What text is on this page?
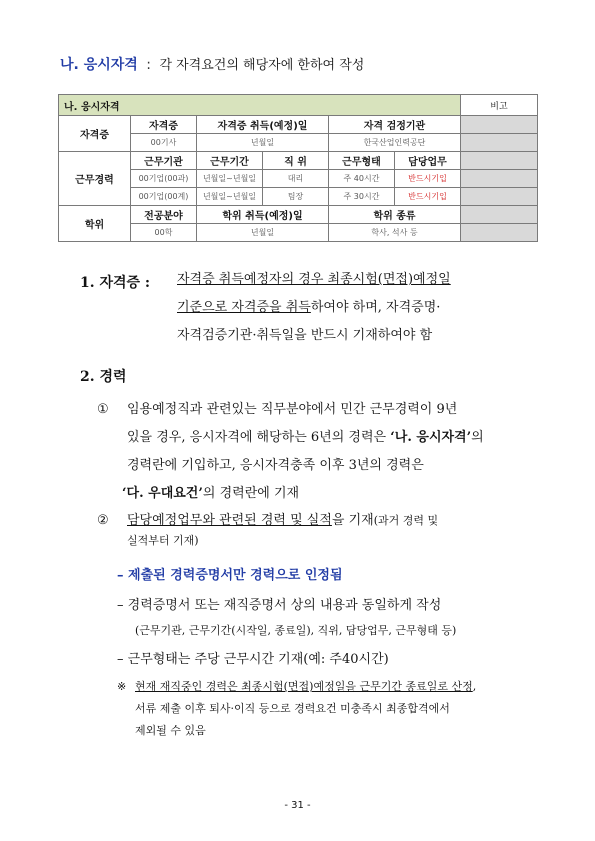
나. 응시자격 : 각 자격요건의 해당자에 한하여 작성
나. 응시자격						비고
자격증	자격증	자격증 취득(예정)일		자격 검정기관		
	00기사	년월일		한국산업인력공단		
근무경력	근무기관	근무기간	직 위	근무형태	담당업무	
	00기업(00과)	년월일~년월일	대리	주 40시간	반드시기입	
	00기업(00계)	년월일~년월일	팀장	주 30시간	반드시기입	
학위	전공분야	학위 취득(예정)일		학위 종류		
	00학	년월일		학사, 석사 등		
1. 자격증 : 자격증 취득예정자의 경우 최종시험(면접)예정일
기준으로 자격증을 취득하여야 하며, 자격증명·
자격검증기관·취득일을 반드시 기재하여야 함
2. 경력
① 임용예정직과 관련있는 직무분야에서 민간 근무경력이 9년
있을 경우, 응시자격에 해당하는 6년의 경력은 ‘나. 응시자격’의
경력란에 기입하고, 응시자격충족 이후 3년의 경력은
‘다. 우대요건’의 경력란에 기재
② 담당예정업무와 관련된 경력 및 실적을 기재(과거 경력 및
실적부터 기재)
– 제출된 경력증명서만 경력으로 인정됨
– 경력증명서 또는 재직증명서 상의 내용과 동일하게 작성
(근무기관, 근무기간(시작일, 종료일), 직위, 담당업무, 근무형태 등)
– 근무형태는 주당 근무시간 기재(예: 주40시간)
※ 현재 재직중인 경력은 최종시험(면접)예정일을 근무기간 종료일로 산정,
서류 제출 이후 퇴사·이직 등으로 경력요건 미충족시 최종합격에서
제외될 수 있음
- 31 -
